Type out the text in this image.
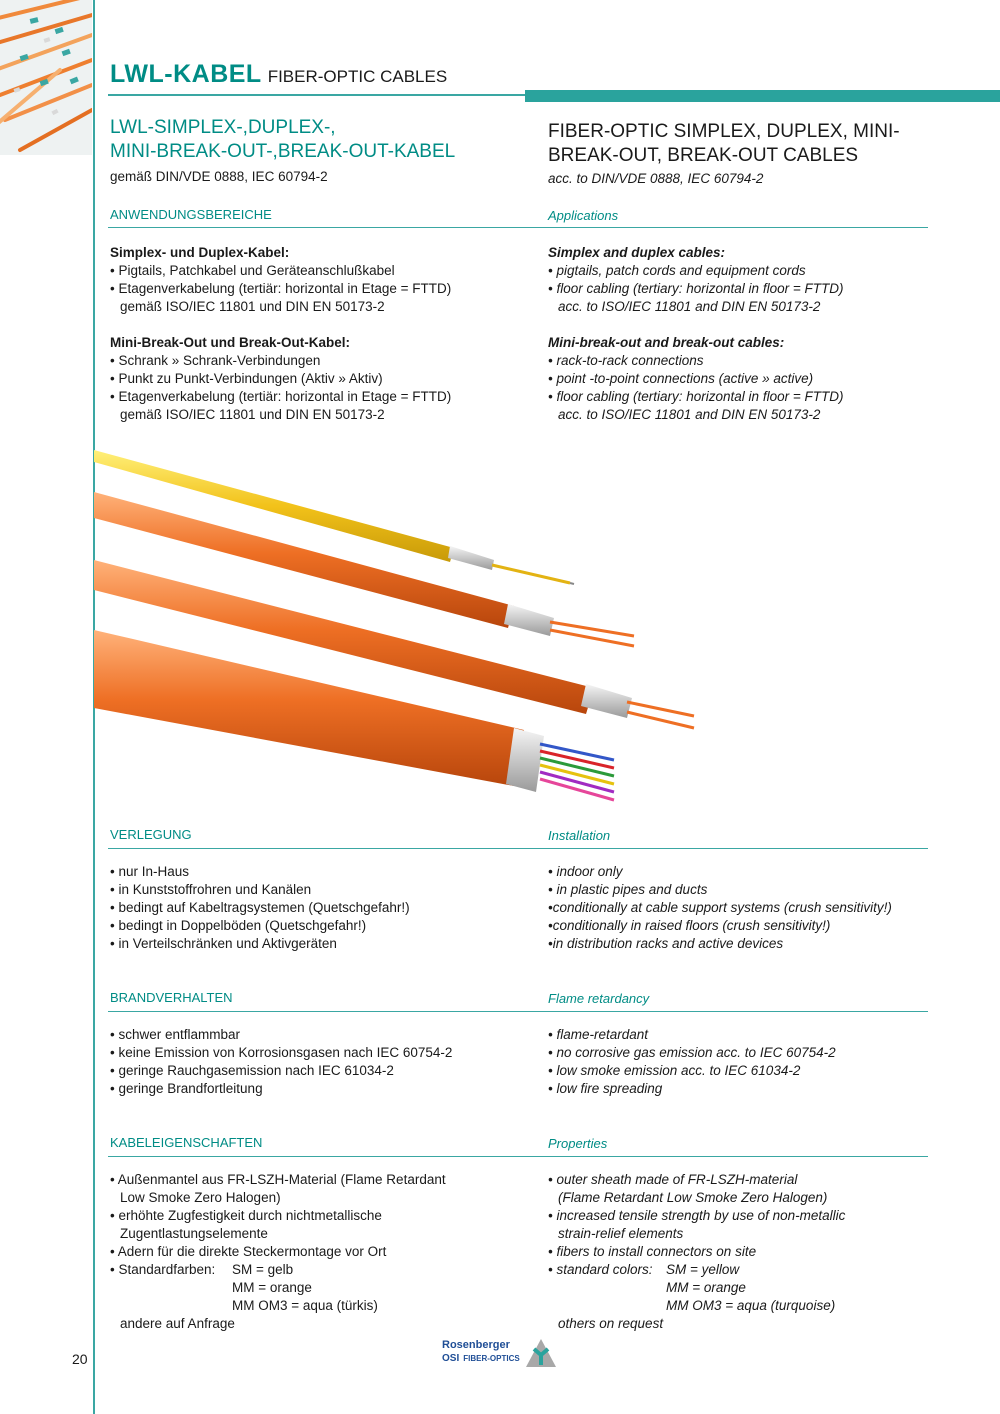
LWL-KABEL FIBER-OPTIC CABLES
LWL-SIMPLEX-,DUPLEX-,
MINI-BREAK-OUT-,BREAK-OUT-KABEL
gemäß DIN/VDE 0888, IEC 60794-2
FIBER-OPTIC SIMPLEX, DUPLEX, MINI-
BREAK-OUT, BREAK-OUT CABLES
acc. to DIN/VDE 0888, IEC 60794-2
ANWENDUNGSBEREICHE	Applications
Simplex- und Duplex-Kabel:
• Pigtails, Patchkabel und Geräteanschlußkabel
• Etagenverkabelung (tertiär: horizontal in Etage = FTTD)
gemäß ISO/IEC 11801 und DIN EN 50173-2
Mini-Break-Out und Break-Out-Kabel:
• Schrank » Schrank-Verbindungen
• Punkt zu Punkt-Verbindungen (Aktiv » Aktiv)
• Etagenverkabelung (tertiär: horizontal in Etage = FTTD)
gemäß ISO/IEC 11801 und DIN EN 50173-2
Simplex and duplex cables:
• pigtails, patch cords and equipment cords
• floor cabling (tertiary: horizontal in floor = FTTD)
acc. to ISO/IEC 11801 and DIN EN 50173-2
Mini-break-out and break-out cables:
• rack-to-rack connections
• point -to-point connections (active » active)
• floor cabling (tertiary: horizontal in floor = FTTD)
acc. to ISO/IEC 11801 and DIN EN 50173-2
VERLEGUNG	Installation
• nur In-Haus
• in Kunststoffrohren und Kanälen
• bedingt auf Kabeltragsystemen (Quetschgefahr!)
• bedingt in Doppelböden (Quetschgefahr!)
• in Verteilschränken und Aktivgeräten
• indoor only
• in plastic pipes and ducts
•conditionally at cable support systems (crush sensitivity!)
•conditionally in raised floors (crush sensitivity!)
•in distribution racks and active devices
BRANDVERHALTEN	Flame retardancy
• schwer entflammbar
• keine Emission von Korrosionsgasen nach IEC 60754-2
• geringe Rauchgasemission nach IEC 61034-2
• geringe Brandfortleitung
• flame-retardant
• no corrosive gas emission acc. to IEC 60754-2
• low smoke emission acc. to IEC 61034-2
• low fire spreading
KABELEIGENSCHAFTEN	Properties
• Außenmantel aus FR-LSZH-Material (Flame Retardant
Low Smoke Zero Halogen)
• erhöhte Zugfestigkeit durch nichtmetallische
Zugentlastungselemente
• Adern für die direkte Steckermontage vor Ort
• Standardfarben: SM = gelb
MM = orange
MM OM3 = aqua (türkis)
andere auf Anfrage
• outer sheath made of FR-LSZH-material
(Flame Retardant Low Smoke Zero Halogen)
• increased tensile strength by use of non-metallic
strain-relief elements
• fibers to install connectors on site
• standard colors: SM = yellow
MM = orange
MM OM3 = aqua (turquoise)
others on request
20
Rosenberger
OSI FIBER-OPTICS
